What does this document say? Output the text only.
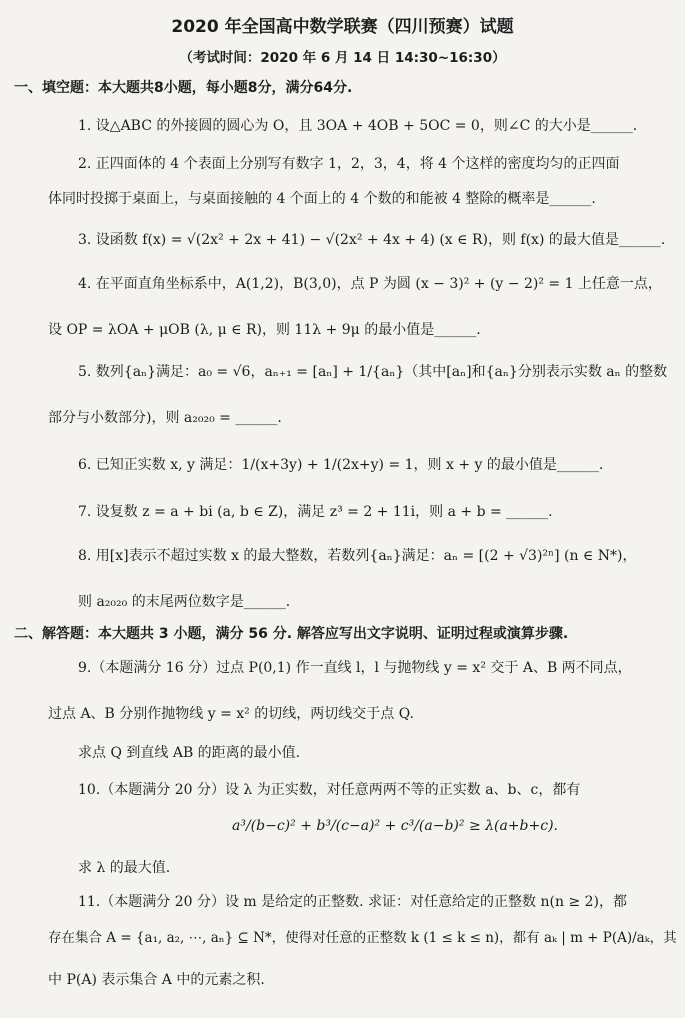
2020 年全国高中数学联赛（四川预赛）试题
（考试时间：2020 年 6 月 14 日 14:30~16:30）
一、填空题：本大题共8小题，每小题8分，满分64分.
1. 设△ABC 的外接圆的圆心为 O，且 3OA + 4OB + 5OC = 0，则∠C 的大小是______.
2. 正四面体的 4 个表面上分别写有数字 1，2，3，4，将 4 个这样的密度均匀的正四面
体同时投掷于桌面上，与桌面接触的 4 个面上的 4 个数的和能被 4 整除的概率是______.
3. 设函数 f(x) = √(2x² + 2x + 41) − √(2x² + 4x + 4) (x ∈ R)，则 f(x) 的最大值是______.
4. 在平面直角坐标系中，A(1,2)，B(3,0)，点 P 为圆 (x − 3)² + (y − 2)² = 1 上任意一点，
设 OP = λOA + μOB (λ, μ ∈ R)，则 11λ + 9μ 的最小值是______.
5. 数列{aₙ}满足：a₀ = √6，aₙ₊₁ = [aₙ] + 1/{aₙ}（其中[aₙ]和{aₙ}分别表示实数 aₙ 的整数
部分与小数部分)，则 a₂₀₂₀ = ______.
6. 已知正实数 x, y 满足：1/(x+3y) + 1/(2x+y) = 1，则 x + y 的最小值是______.
7. 设复数 z = a + bi (a, b ∈ Z)，满足 z³ = 2 + 11i，则 a + b = ______.
8. 用[x]表示不超过实数 x 的最大整数，若数列{aₙ}满足：aₙ = [(2 + √3)²ⁿ] (n ∈ N*)，
则 a₂₀₂₀ 的末尾两位数字是______.
二、解答题：本大题共 3 小题，满分 56 分. 解答应写出文字说明、证明过程或演算步骤.
9.（本题满分 16 分）过点 P(0,1) 作一直线 l，l 与抛物线 y = x² 交于 A、B 两不同点，
过点 A、B 分别作抛物线 y = x² 的切线，两切线交于点 Q.
求点 Q 到直线 AB 的距离的最小值.
10.（本题满分 20 分）设 λ 为正实数，对任意两两不等的正实数 a、b、c，都有
a³/(b−c)² + b³/(c−a)² + c³/(a−b)² ≥ λ(a+b+c).
求 λ 的最大值.
11.（本题满分 20 分）设 m 是给定的正整数. 求证：对任意给定的正整数 n(n ≥ 2)，都
存在集合 A = {a₁, a₂, ⋯, aₙ} ⊆ N*，使得对任意的正整数 k (1 ≤ k ≤ n)，都有 aₖ | m + P(A)/aₖ，其
中 P(A) 表示集合 A 中的元素之积.
